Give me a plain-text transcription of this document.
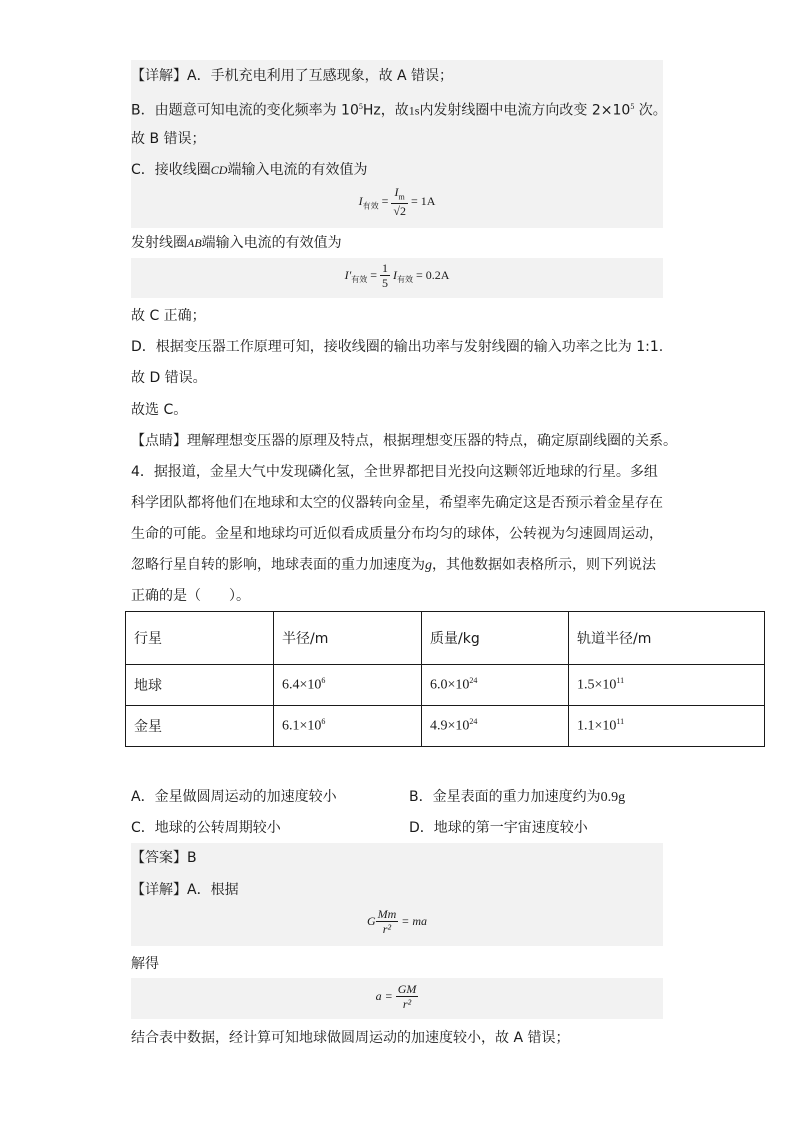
【详解】A．手机充电利用了互感现象，故 A 错误；
B．由题意可知电流的变化频率为 $10^5Hz$，故1s内发射线圈中电流方向改变 $2\times 10^5$ 次。
故 B 错误；
C．接收线圈CD端输入电流的有效值为
$I_{有效} = \frac{I_m}{√2} = 1A$
发射线圈AB端输入电流的有效值为
$I'_{有效} = \frac{1}{5} I_{有效} = 0.2A$
故 C 正确；
D．根据变压器工作原理可知，接收线圈的输出功率与发射线圈的输入功率之比为 1:1.
故 D 错误。
故选 C。
【点睛】理解理想变压器的原理及特点，根据理想变压器的特点，确定原副线圈的关系。
4．据报道，金星大气中发现磷化氢，全世界都把目光投向这颗邻近地球的行星。多组
科学团队都将他们在地球和太空的仪器转向金星，希望率先确定这是否预示着金星存在
生命的可能。金星和地球均可近似看成质量分布均匀的球体，公转视为匀速圆周运动，
忽略行星自转的影响，地球表面的重力加速度为g，其他数据如表格所示，则下列说法
正确的是（　　）。
行星	半径/m	质量/kg	轨道半径/m
地球	$6.4\times 10^6$	$6.0\times 10^{24}$	$1.5\times 10^{11}$
金星	$6.1\times 10^6$	$4.9\times 10^{24}$	$1.1\times 10^{11}$
A．金星做圆周运动的加速度较小	B．金星表面的重力加速度约为0.9g
C．地球的公转周期较小	D．地球的第一宇宙速度较小
【答案】B
【详解】A．根据
G $\frac{Mm}{\text{r²}}$ = ma
解得
$a = \frac{GM}{\text{r²}}$
结合表中数据，经计算可知地球做圆周运动的加速度较小，故 A 错误；
